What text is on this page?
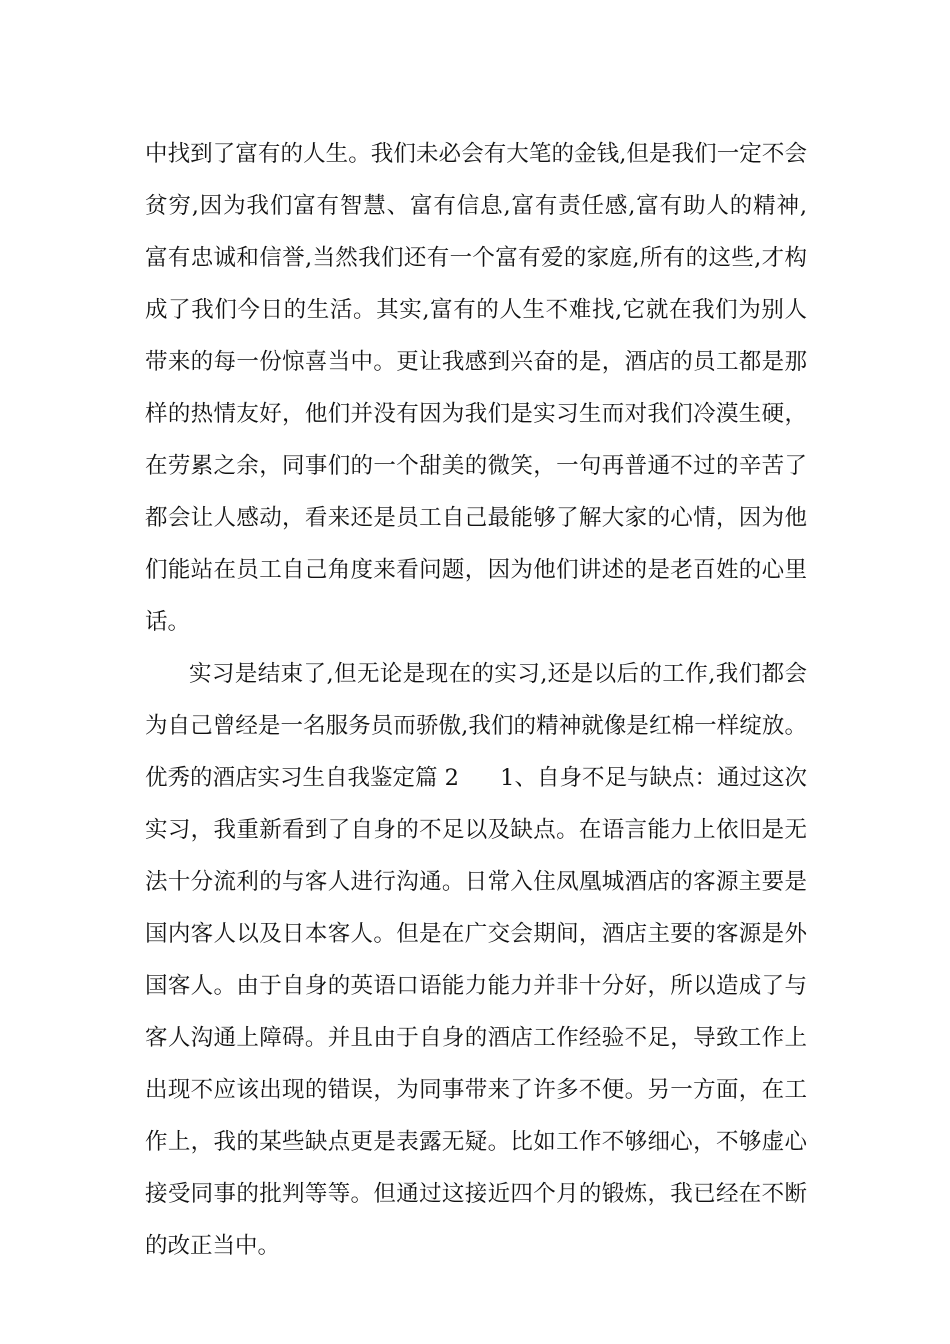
中找到了富有的人生。我们未必会有大笔的金钱,但是我们一定不会
贫穷,因为我们富有智慧、富有信息,富有责任感,富有助人的精神,
富有忠诚和信誉,当然我们还有一个富有爱的家庭,所有的这些,才构
成了我们今日的生活。其实,富有的人生不难找,它就在我们为别人
带来的每一份惊喜当中。更让我感到兴奋的是，酒店的员工都是那
样的热情友好，他们并没有因为我们是实习生而对我们冷漠生硬，
在劳累之余，同事们的一个甜美的微笑，一句再普通不过的辛苦了
都会让人感动，看来还是员工自己最能够了解大家的心情，因为他
们能站在员工自己角度来看问题，因为他们讲述的是老百姓的心里
话。
实习是结束了,但无论是现在的实习,还是以后的工作,我们都会
为自己曾经是一名服务员而骄傲,我们的精神就像是红棉一样绽放。
优秀的酒店实习生自我鉴定篇 2 1、自身不足与缺点：通过这次
实习，我重新看到了自身的不足以及缺点。在语言能力上依旧是无
法十分流利的与客人进行沟通。日常入住凤凰城酒店的客源主要是
国内客人以及日本客人。但是在广交会期间，酒店主要的客源是外
国客人。由于自身的英语口语能力能力并非十分好，所以造成了与
客人沟通上障碍。并且由于自身的酒店工作经验不足，导致工作上
出现不应该出现的错误，为同事带来了许多不便。另一方面，在工
作上，我的某些缺点更是表露无疑。比如工作不够细心，不够虚心
接受同事的批判等等。但通过这接近四个月的锻炼，我已经在不断
的改正当中。
